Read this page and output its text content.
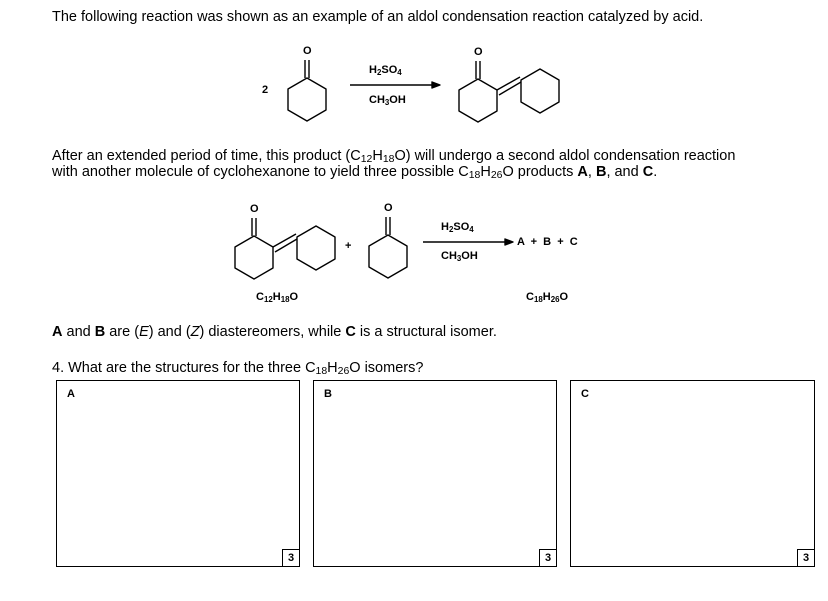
The following reaction was shown as an example of an aldol condensation reaction catalyzed by acid.
2
O	O
$H_2SO_4$
$CH_3OH$
After an extended period of time, this product $(C_{12}H_{18}O)$ will undergo a second aldol condensation reaction
with another molecule of cyclohexanone to yield three possible $C_{18}H_{26}O$ products A, B, and C.
O	O
+
$H_2SO_4$
$CH_3OH$
A  +  B  +  C
$C_{12}H_{18}O$	$C_{18}H_{26}O$
A and B are (E) and (Z) diastereomers, while C is a structural isomer.
4. What are the structures for the three $C_{18}H_{26}O$ isomers?
A
3
B
3
C
3
